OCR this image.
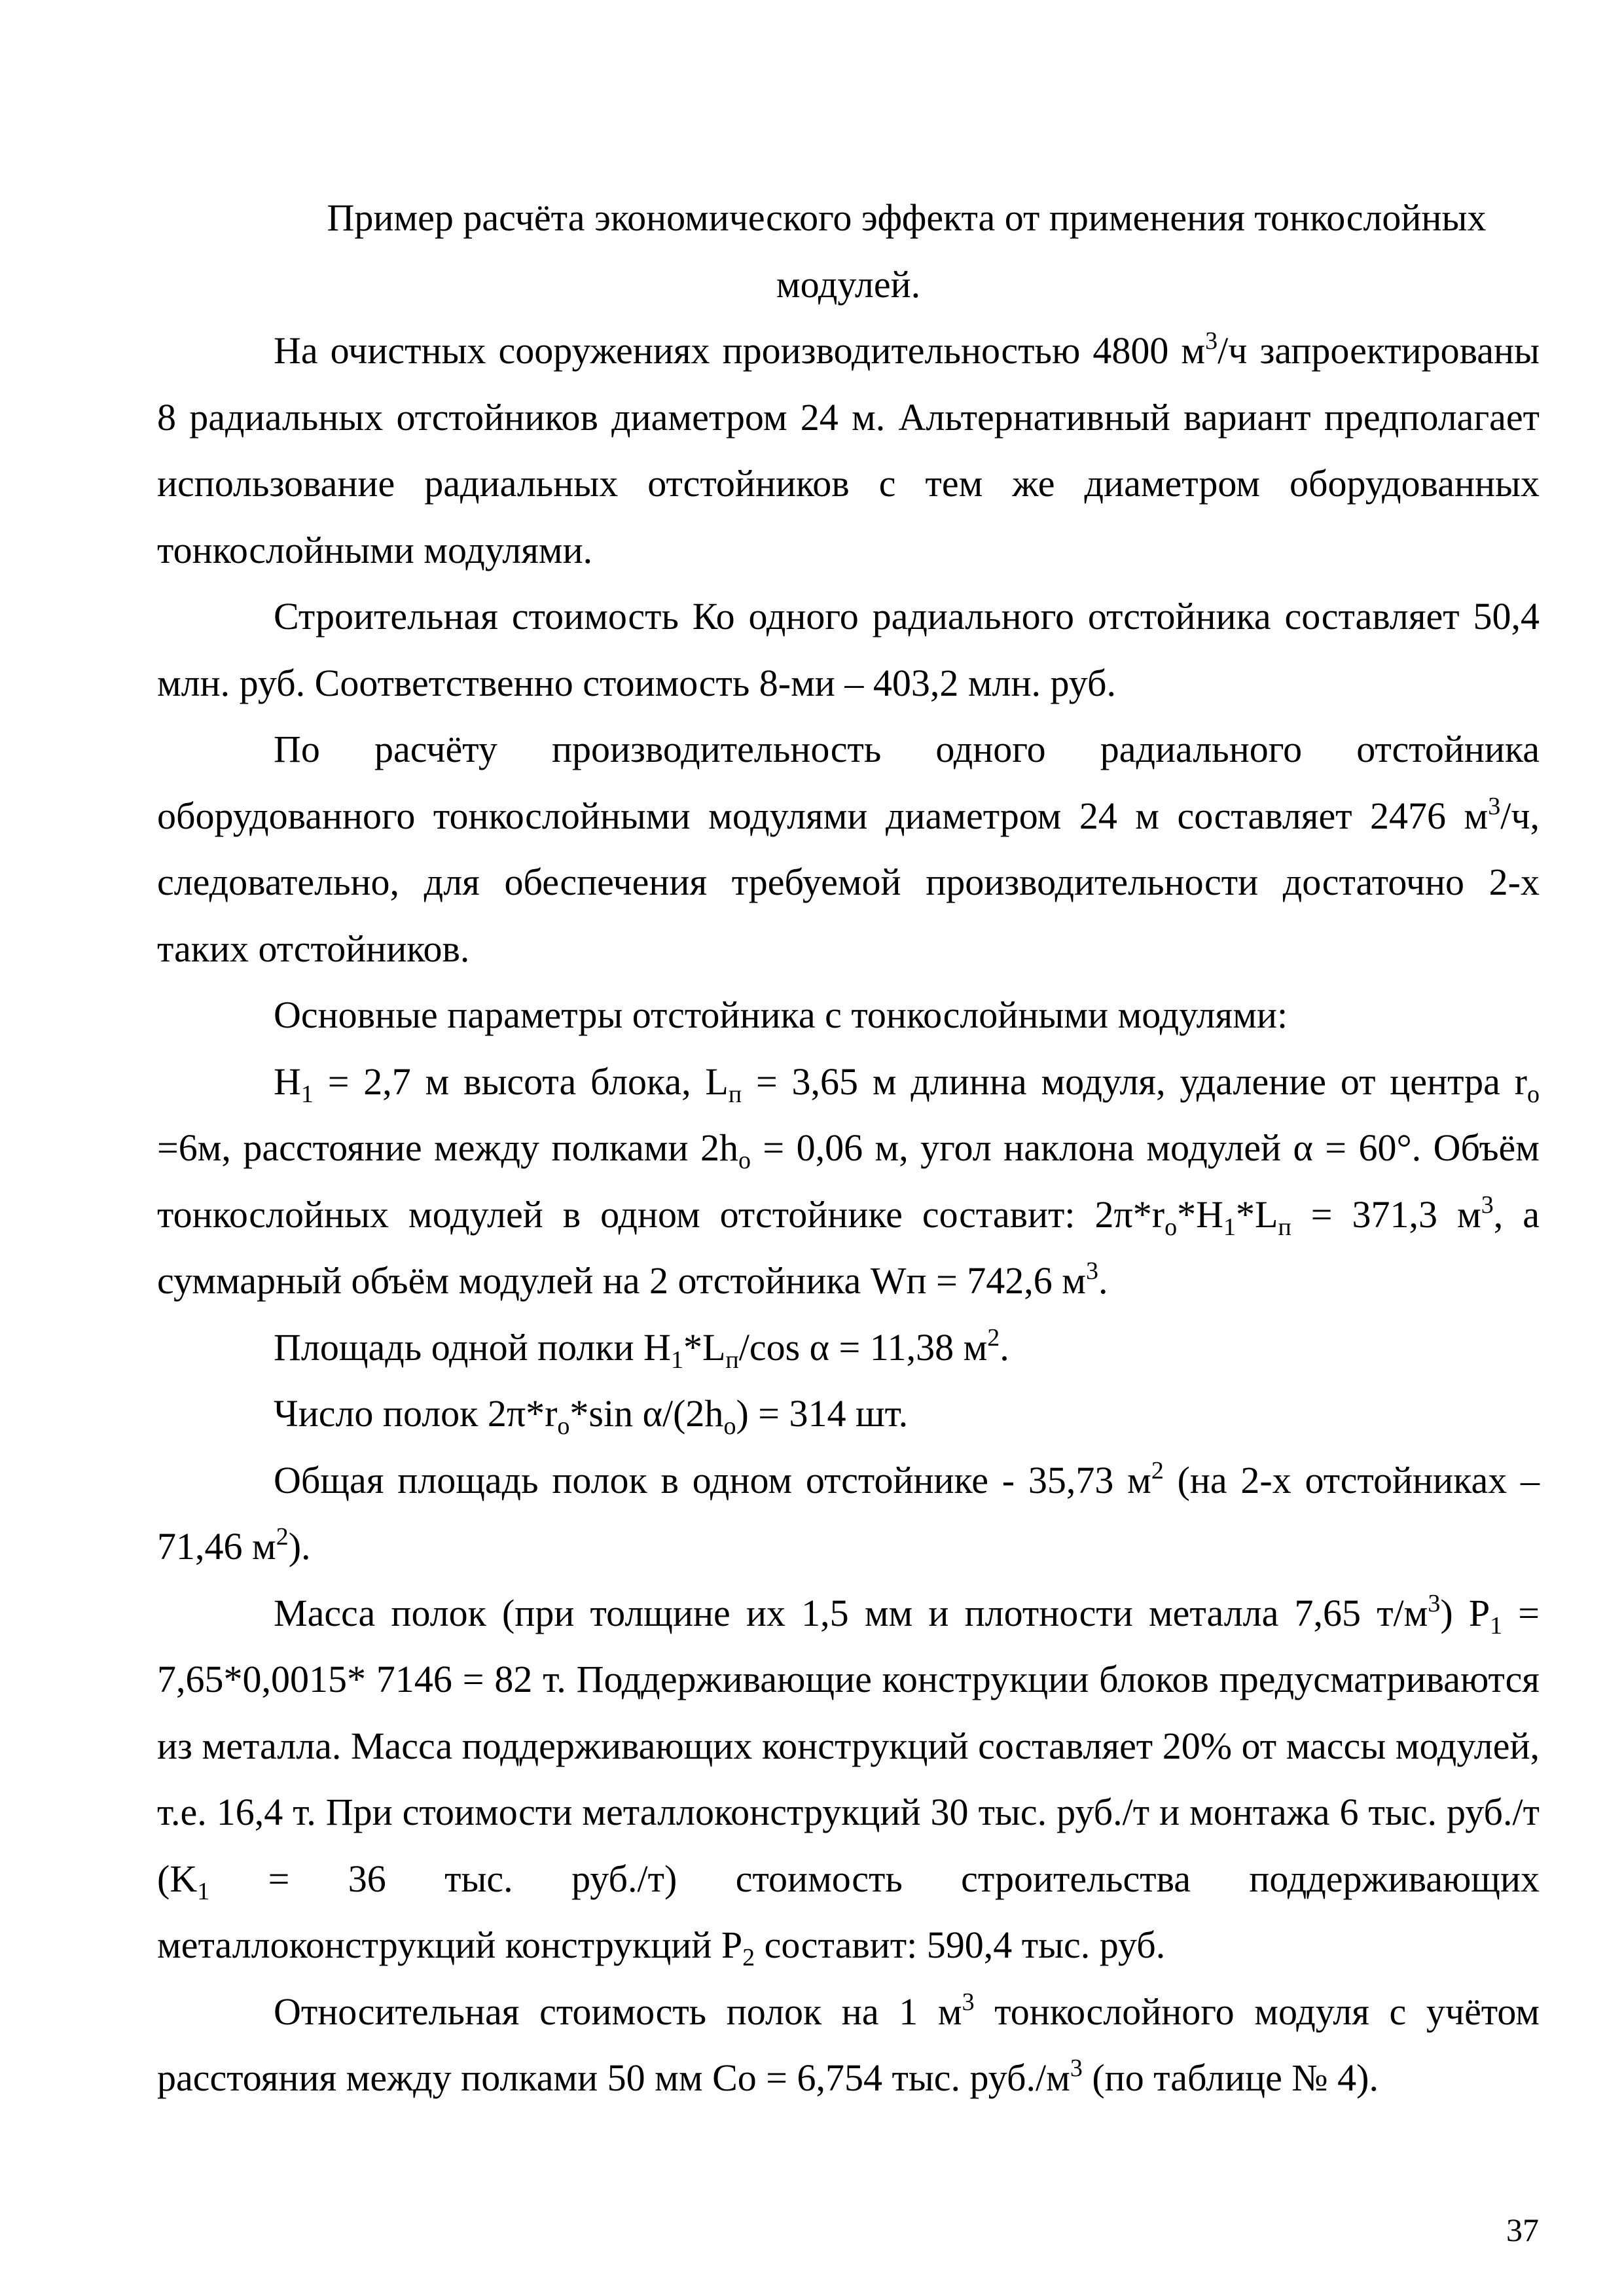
Пример расчёта экономического эффекта от применения тонкослойных модулей.

На очистных сооружениях производительностью 4800 $м^3/ч$ запроектированы 8 радиальных отстойников диаметром 24 м. Альтернативный вариант предполагает использование радиальных отстойников с тем же диаметром оборудованных тонкослойными модулями.

Строительная стоимость Ко одного радиального отстойника составляет 50,4 млн. руб. Соответственно стоимость 8-ми – 403,2 млн. руб.

По расчёту производительность одного радиального отстойника оборудованного тонкослойными модулями диаметром 24 м составляет 2476 $м^3/ч$, следовательно, для обеспечения требуемой производительности достаточно 2-х таких отстойников.

Основные параметры отстойника с тонкослойными модулями:

$H_1 = 2,7$ м высота блока, $L_п = 3,65$ м длинна модуля, удаление от центра $r_o =6м$, расстояние между полками $2h_o = 0,06$ м, угол наклона модулей α = 60°. Объём тонкослойных модулей в одном отстойнике составит: $2\pi*r_o*H_1*L_п = 371,3$ $м^3$, а суммарный объём модулей на 2 отстойника Wп = 742,6 $м^3$.

Площадь одной полки $H_1*L_п/\cos$ α = 11,38 $м^2$.

Число полок $2\pi*r_o*\sin$ $\alpha/(2h_o) = 314$ шт.

Общая площадь полок в одном отстойнике - 35,73 $м^2$ (на 2-х отстойниках – 71,46 $м^2$).

Масса полок (при толщине их 1,5 мм и плотности металла 7,65 $т/м^3$) $P_1 = 7,65*0,0015*$ 7146 = 82 т. Поддерживающие конструкции блоков предусматриваются из металла. Масса поддерживающих конструкций составляет 20% от массы модулей, т.е. 16,4 т. При стоимости металлоконструкций 30 тыс. руб./т и монтажа 6 тыс. руб./т ($K_1 = 36$ тыс. руб./т) стоимость строительства поддерживающих металлоконструкций конструкций $P_2$ составит: 590,4 тыс. руб.

Относительная стоимость полок на 1 $м^3$ тонкослойного модуля с учётом расстояния между полками 50 мм Со = 6,754 тыс. $руб./м^3$ (по таблице № 4).

37
